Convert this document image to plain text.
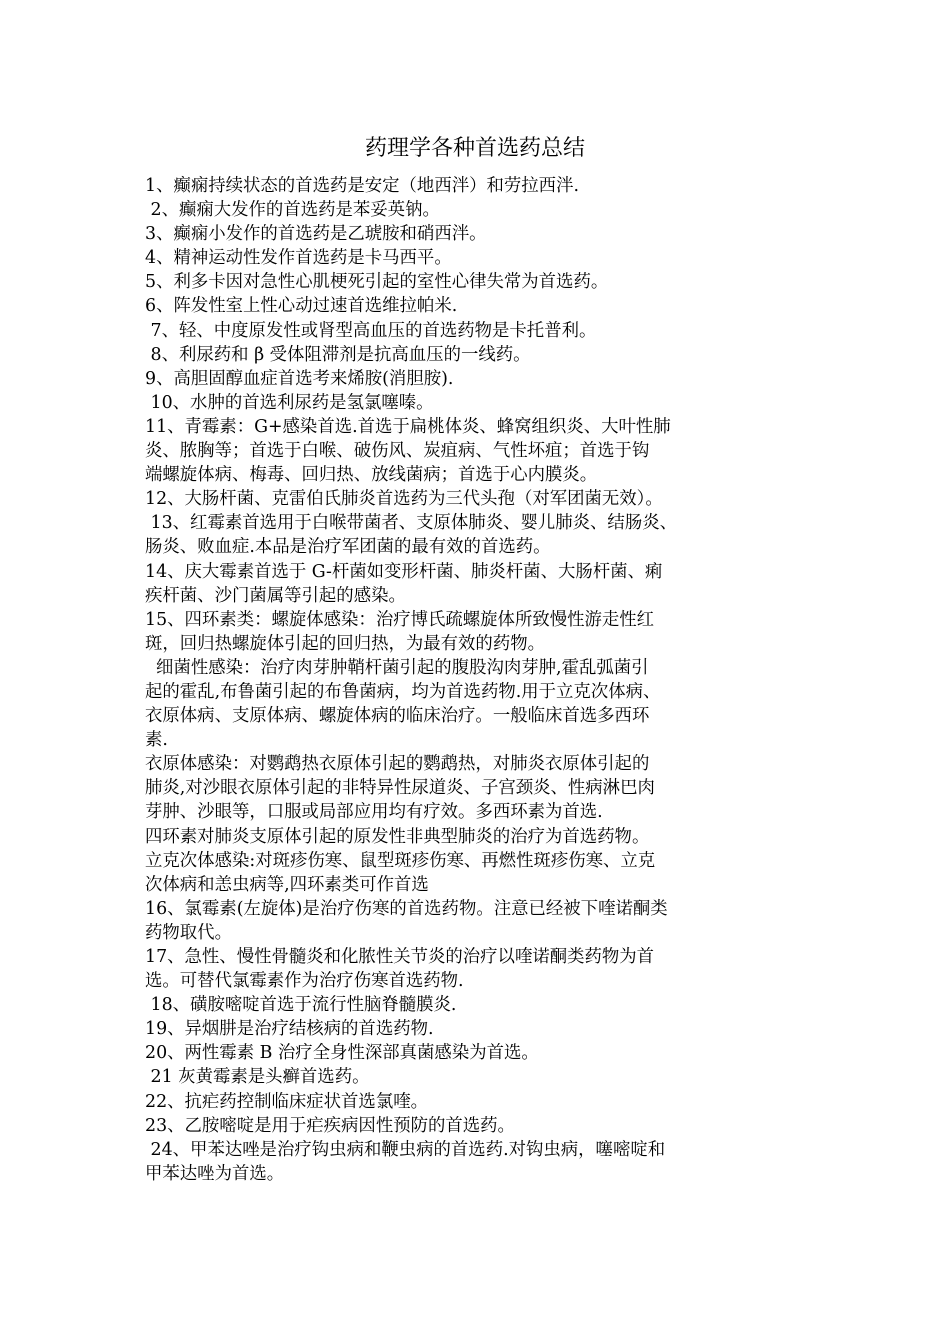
药理学各种首选药总结
1、癫痫持续状态的首选药是安定（地西泮）和劳拉西泮.
2、癫痫大发作的首选药是苯妥英钠。
3、癫痫小发作的首选药是乙琥胺和硝西泮。
4、精神运动性发作首选药是卡马西平。
5、利多卡因对急性心肌梗死引起的室性心律失常为首选药。
6、阵发性室上性心动过速首选维拉帕米.
7、轻、中度原发性或肾型高血压的首选药物是卡托普利。
8、利尿药和 β 受体阻滞剂是抗高血压的一线药。
9、高胆固醇血症首选考来烯胺(消胆胺).
10、水肿的首选利尿药是氢氯噻嗪。
11、青霉素：G+感染首选.首选于扁桃体炎、蜂窝组织炎、大叶性肺
炎、脓胸等；首选于白喉、破伤风、炭疽病、气性坏疽；首选于钩
端螺旋体病、梅毒、回归热、放线菌病；首选于心内膜炎。
12、大肠杆菌、克雷伯氏肺炎首选药为三代头孢（对军团菌无效）。
13、红霉素首选用于白喉带菌者、支原体肺炎、婴儿肺炎、结肠炎、
肠炎、败血症.本品是治疗军团菌的最有效的首选药。
14、庆大霉素首选于 G-杆菌如变形杆菌、肺炎杆菌、大肠杆菌、痢
疾杆菌、沙门菌属等引起的感染。
15、四环素类：螺旋体感染：治疗博氏疏螺旋体所致慢性游走性红
斑，回归热螺旋体引起的回归热，为最有效的药物。
细菌性感染：治疗肉芽肿鞘杆菌引起的腹股沟肉芽肿,霍乱弧菌引
起的霍乱,布鲁菌引起的布鲁菌病，均为首选药物.用于立克次体病、
衣原体病、支原体病、螺旋体病的临床治疗。一般临床首选多西环
素.
衣原体感染：对鹦鹉热衣原体引起的鹦鹉热，对肺炎衣原体引起的
肺炎,对沙眼衣原体引起的非特异性尿道炎、子宫颈炎、性病淋巴肉
芽肿、沙眼等，口服或局部应用均有疗效。多西环素为首选.
四环素对肺炎支原体引起的原发性非典型肺炎的治疗为首选药物。
立克次体感染:对斑疹伤寒、鼠型斑疹伤寒、再燃性斑疹伤寒、立克
次体病和恙虫病等,四环素类可作首选
16、氯霉素(左旋体)是治疗伤寒的首选药物。注意已经被下喹诺酮类
药物取代。
17、急性、慢性骨髓炎和化脓性关节炎的治疗以喹诺酮类药物为首
选。可替代氯霉素作为治疗伤寒首选药物.
18、磺胺嘧啶首选于流行性脑脊髓膜炎.
19、异烟肼是治疗结核病的首选药物.
20、两性霉素 B 治疗全身性深部真菌感染为首选。
21 灰黄霉素是头癣首选药。
22、抗疟药控制临床症状首选氯喹。
23、乙胺嘧啶是用于疟疾病因性预防的首选药。
24、甲苯达唑是治疗钩虫病和鞭虫病的首选药.对钩虫病，噻嘧啶和
甲苯达唑为首选。
